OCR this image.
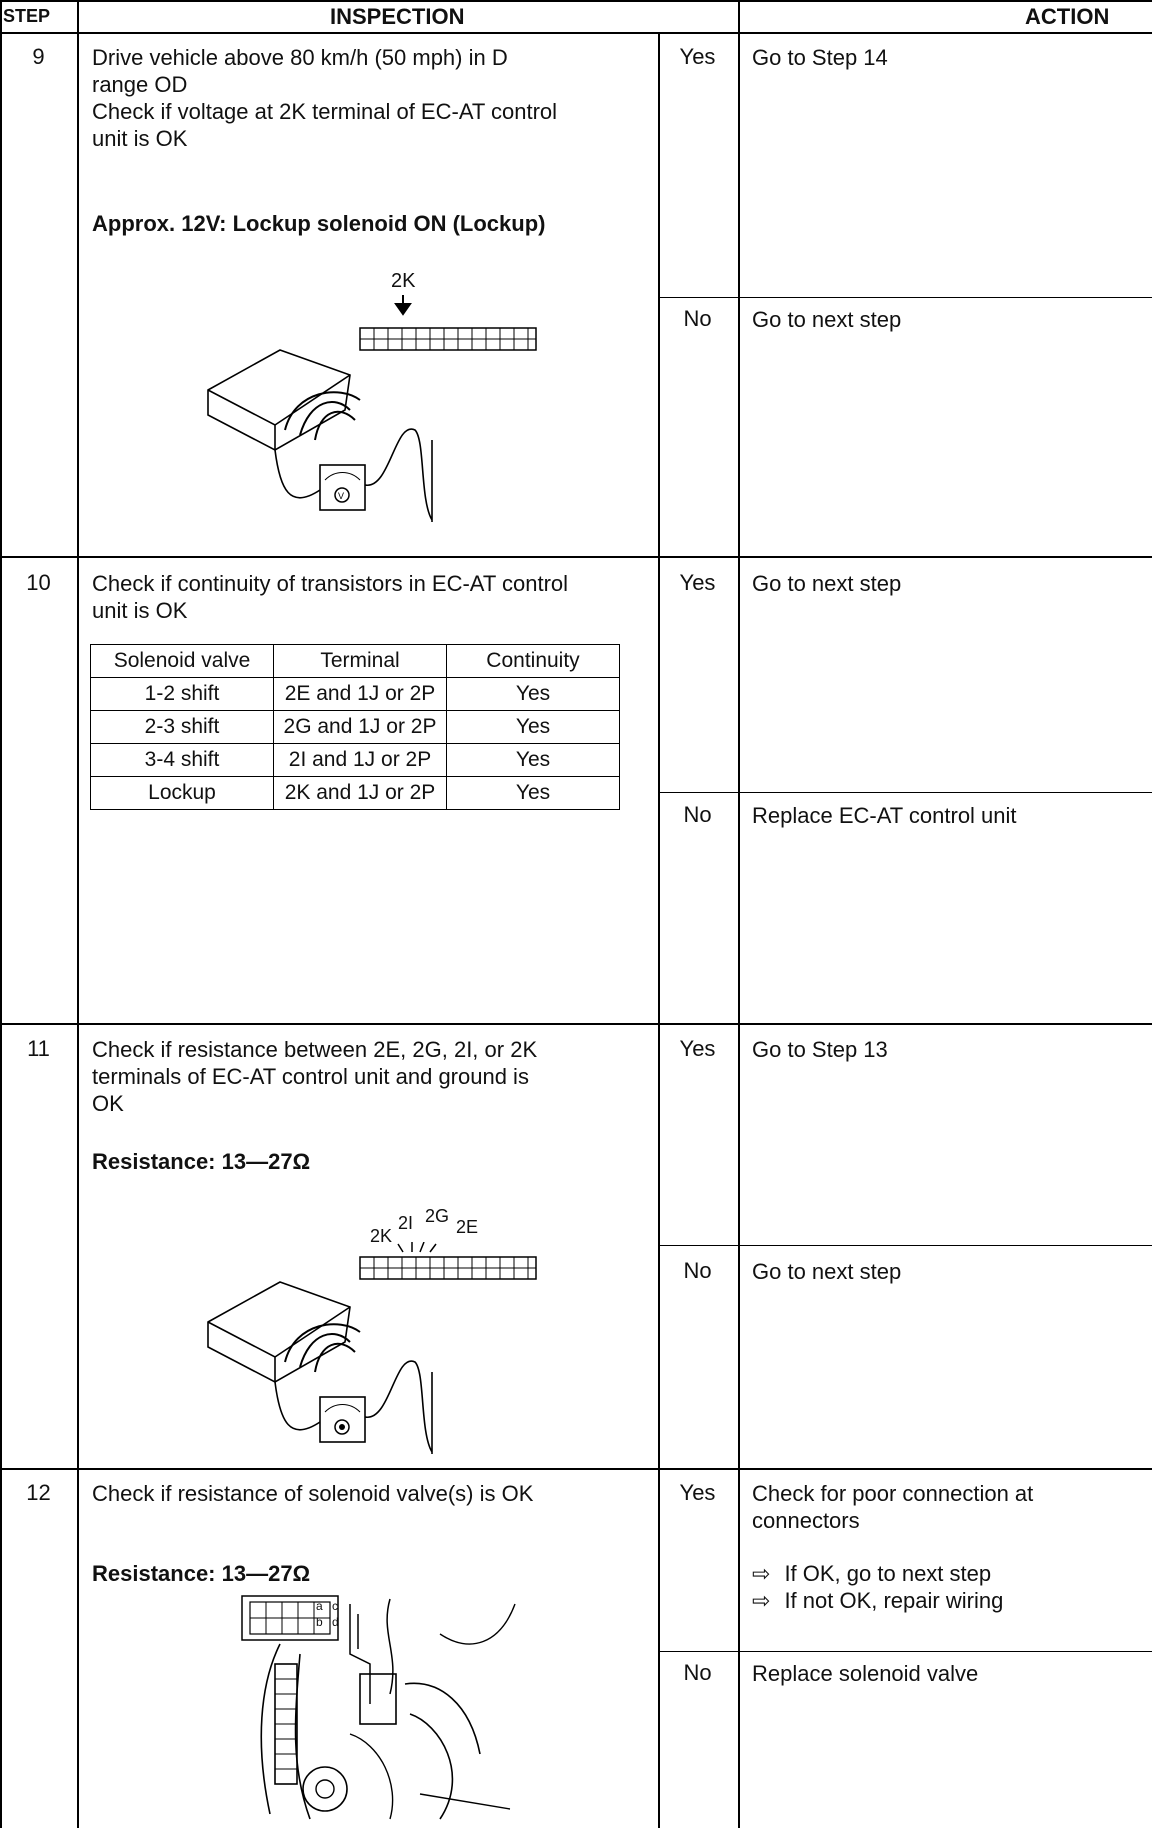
STEP	INSPECTION	ACTION
9	Drive vehicle above 80 km/h (50 mph) in D
range OD
Check if voltage at 2K terminal of EC-AT control
unit is OK
Approx. 12V: Lockup solenoid ON (Lockup)
Yes	Go to Step 14
No	Go to next step
2K
V
10	Check if continuity of transistors in EC-AT control
unit is OK
Solenoid valve	Terminal	Continuity
1-2 shift	2E and 1J or 2P	Yes
2-3 shift	2G and 1J or 2P	Yes
3-4 shift	2I and 1J or 2P	Yes
Lockup	2K and 1J or 2P	Yes
Yes	Go to next step
No	Replace EC-AT control unit
11	Check if resistance between 2E, 2G, 2I, or 2K
terminals of EC-AT control unit and ground is
OK
Resistance: 13—27Ω
Yes	Go to Step 13
No	Go to next step
2K
2I 2G
2E
12	Check if resistance of solenoid valve(s) is OK
Resistance: 13—27Ω
Yes	Check for poor connection at
connectors
⇨ If OK, go to next step
⇨ If not OK, repair wiring
No	Replace solenoid valve
a
b
c
d
